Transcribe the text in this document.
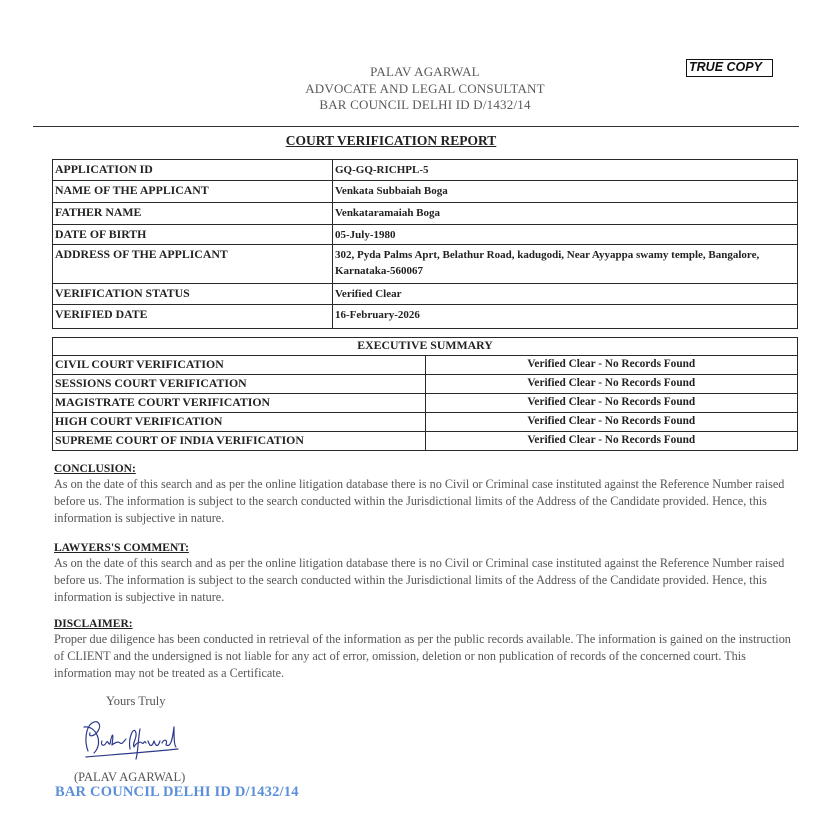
PALAV AGARWAL
ADVOCATE AND LEGAL CONSULTANT
BAR COUNCIL DELHI ID D/1432/14
TRUE COPY
COURT VERIFICATION REPORT
APPLICATION ID	GQ-GQ-RICHPL-5
NAME OF THE APPLICANT	Venkata Subbaiah Boga
FATHER NAME	Venkataramaiah Boga
DATE OF BIRTH	05-July-1980
ADDRESS OF THE APPLICANT	302, Pyda Palms Aprt, Belathur Road, kadugodi, Near Ayyappa swamy temple, Bangalore, Karnataka-560067
VERIFICATION STATUS	Verified Clear
VERIFIED DATE	16-February-2026
EXECUTIVE SUMMARY	
CIVIL COURT VERIFICATION	Verified Clear - No Records Found
SESSIONS COURT VERIFICATION	Verified Clear - No Records Found
MAGISTRATE COURT VERIFICATION	Verified Clear - No Records Found
HIGH COURT VERIFICATION	Verified Clear - No Records Found
SUPREME COURT OF INDIA VERIFICATION	Verified Clear - No Records Found
CONCLUSION:
As on the date of this search and as per the online litigation database there is no Civil or Criminal case instituted against the Reference Number raised before us. The information is subject to the search conducted within the Jurisdictional limits of the Address of the Candidate provided. Hence, this information is subjective in nature.
LAWYERS'S COMMENT:
As on the date of this search and as per the online litigation database there is no Civil or Criminal case instituted against the Reference Number raised before us. The information is subject to the search conducted within the Jurisdictional limits of the Address of the Candidate provided. Hence, this information is subjective in nature.
DISCLAIMER:
Proper due diligence has been conducted in retrieval of the information as per the public records available. The information is gained on the instruction of CLIENT and the undersigned is not liable for any act of error, omission, deletion or non publication of records of the concerned court. This information may not be treated as a Certificate.
Yours Truly
(PALAV AGARWAL)
BAR COUNCIL DELHI ID D/1432/14
